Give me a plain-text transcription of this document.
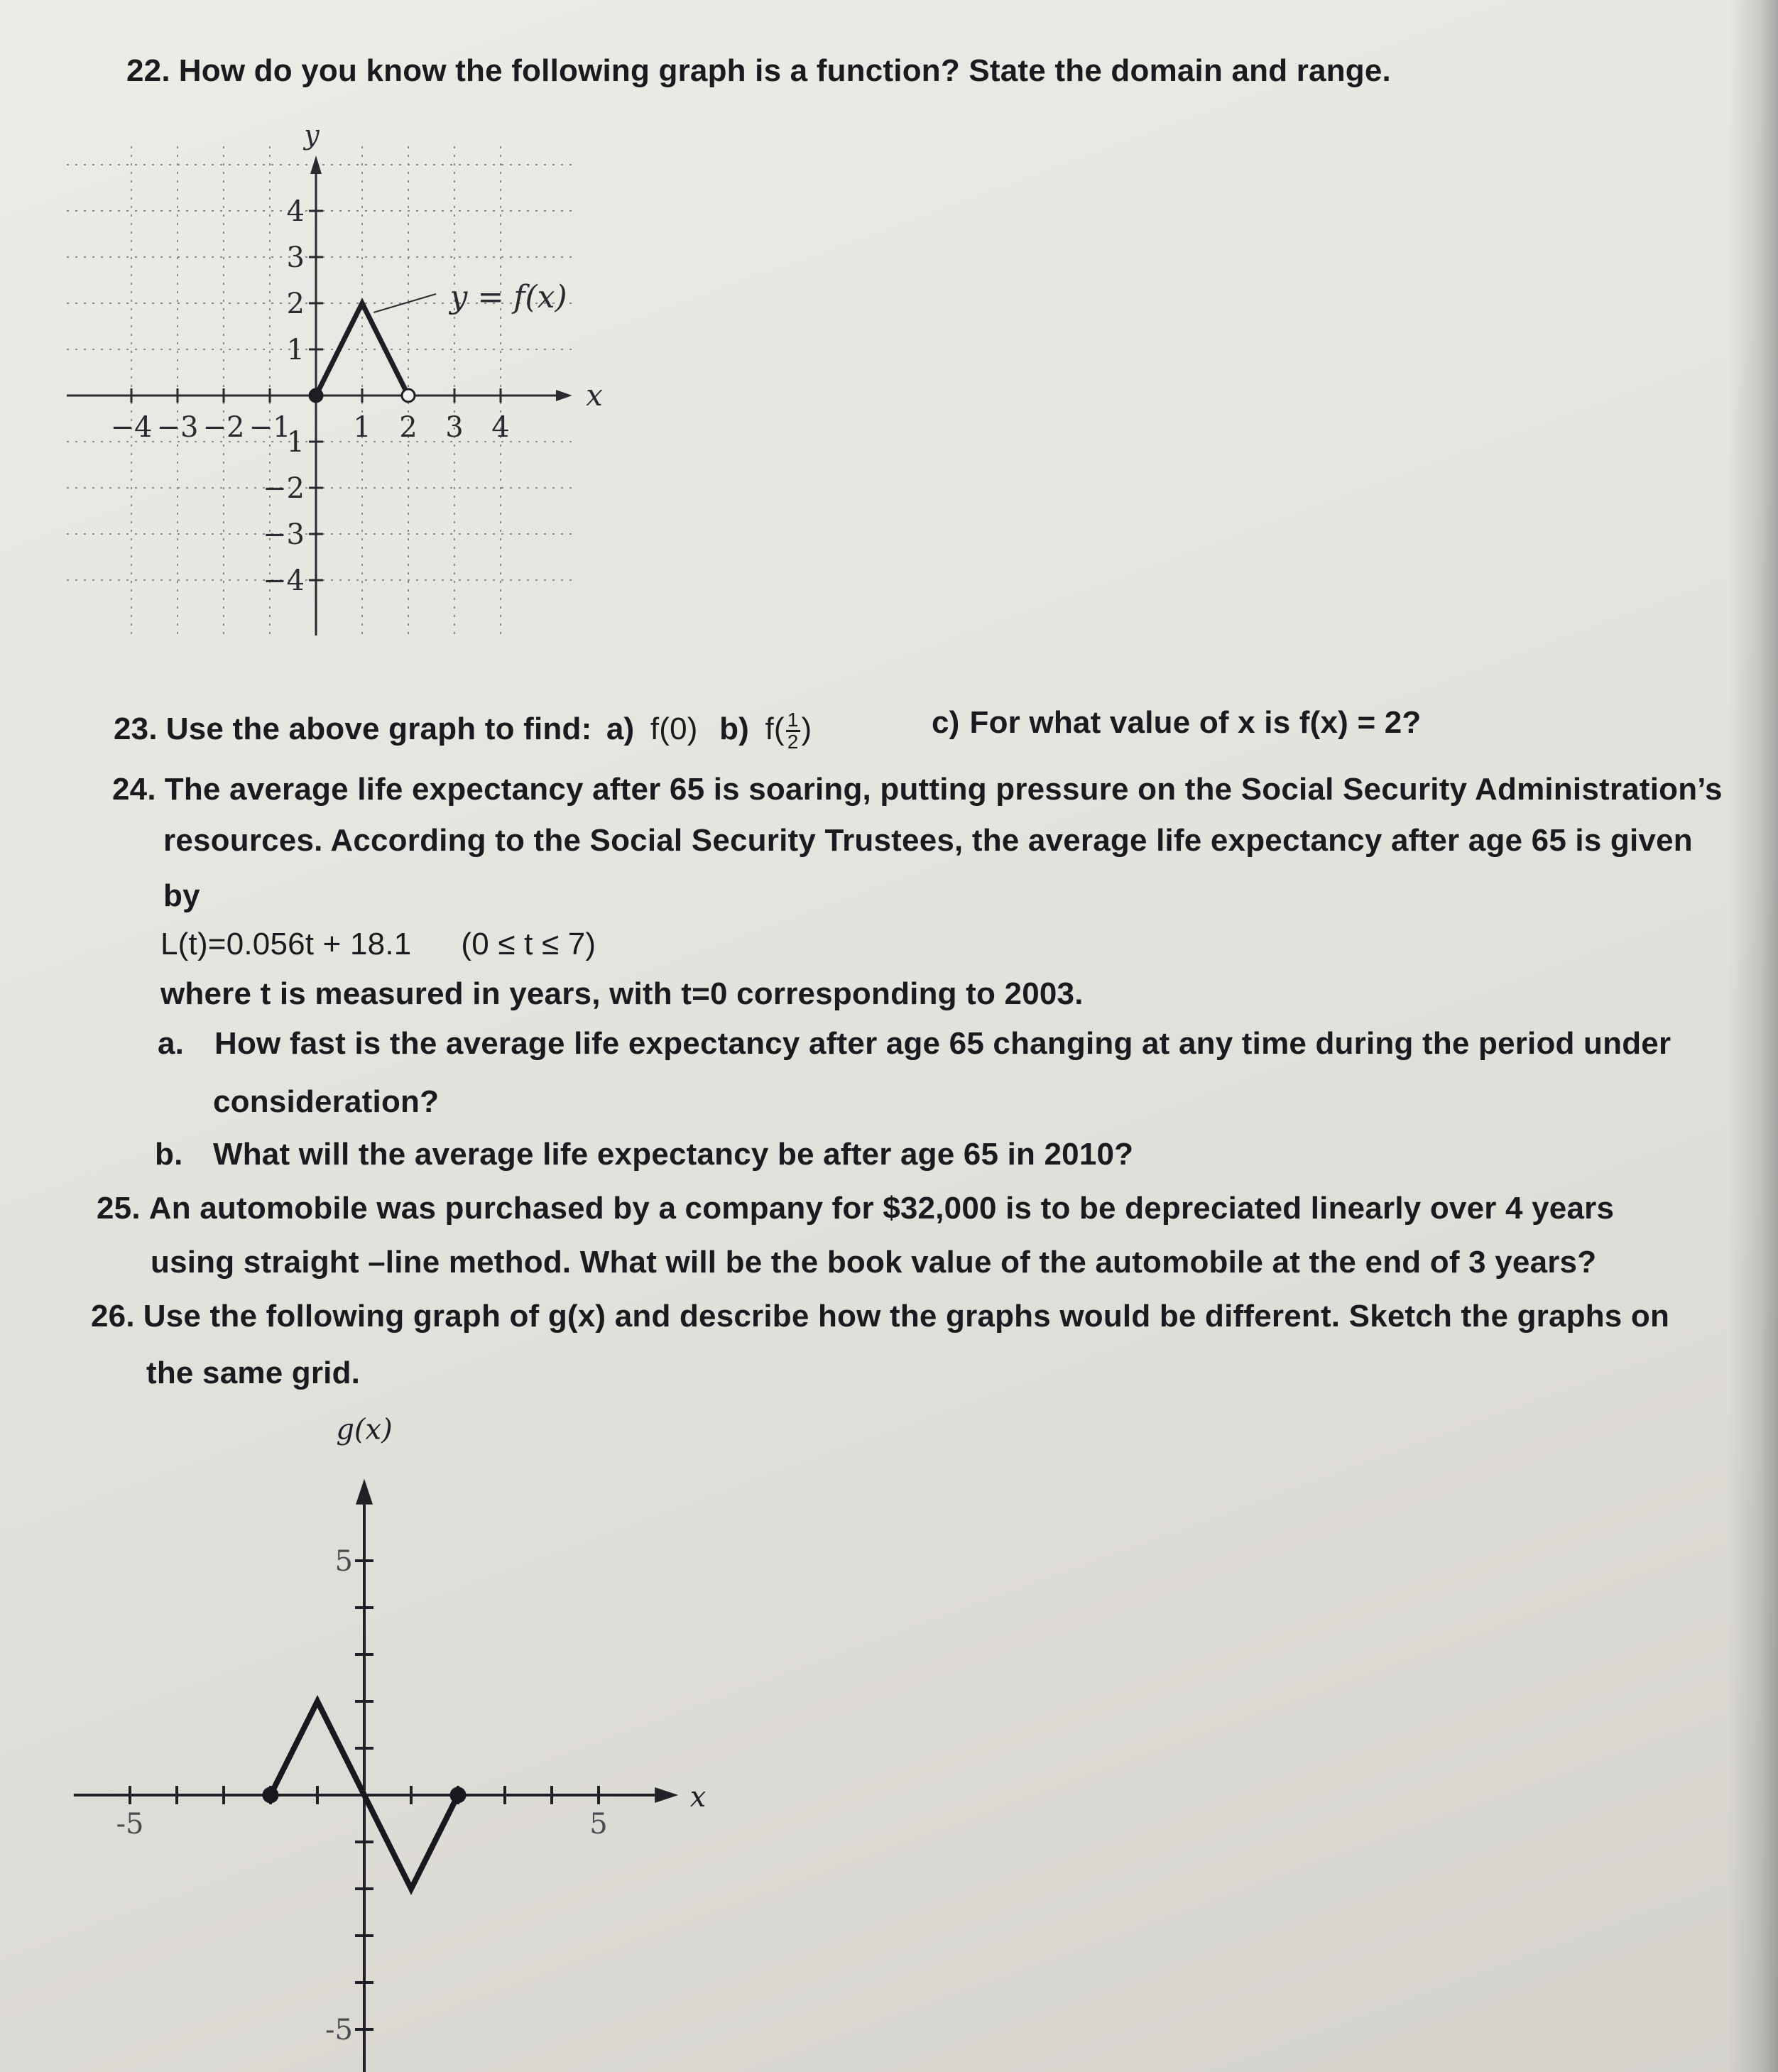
22. How do you know the following graph is a function? State the domain and range.
x
y
−4 −3 −2 −1 1 2 3 4
4
3
2
1
1
−2
−3
−4
y = f(x)
23. Use the above graph to find: a) f(0) b) $f( \frac{1}{2}$ )	c) For what value of x is f(x) = 2?
24. The average life expectancy after 65 is soaring, putting pressure on the Social Security Administration’s
resources. According to the Social Security Trustees, the average life expectancy after age 65 is given
by
L(t)=0.056t + 18.1 (0 ≤ t ≤ 7)
where t is measured in years, with t=0 corresponding to 2003.
a. How fast is the average life expectancy after age 65 changing at any time during the period under
consideration?
b. What will the average life expectancy be after age 65 in 2010?
25. An automobile was purchased by a company for $32,000 is to be depreciated linearly over 4 years
using straight –line method. What will be the book value of the automobile at the end of 3 years?
26. Use the following graph of g(x) and describe how the graphs would be different. Sketch the graphs on
the same grid.
x
g(x)
-5	5
5
-5
